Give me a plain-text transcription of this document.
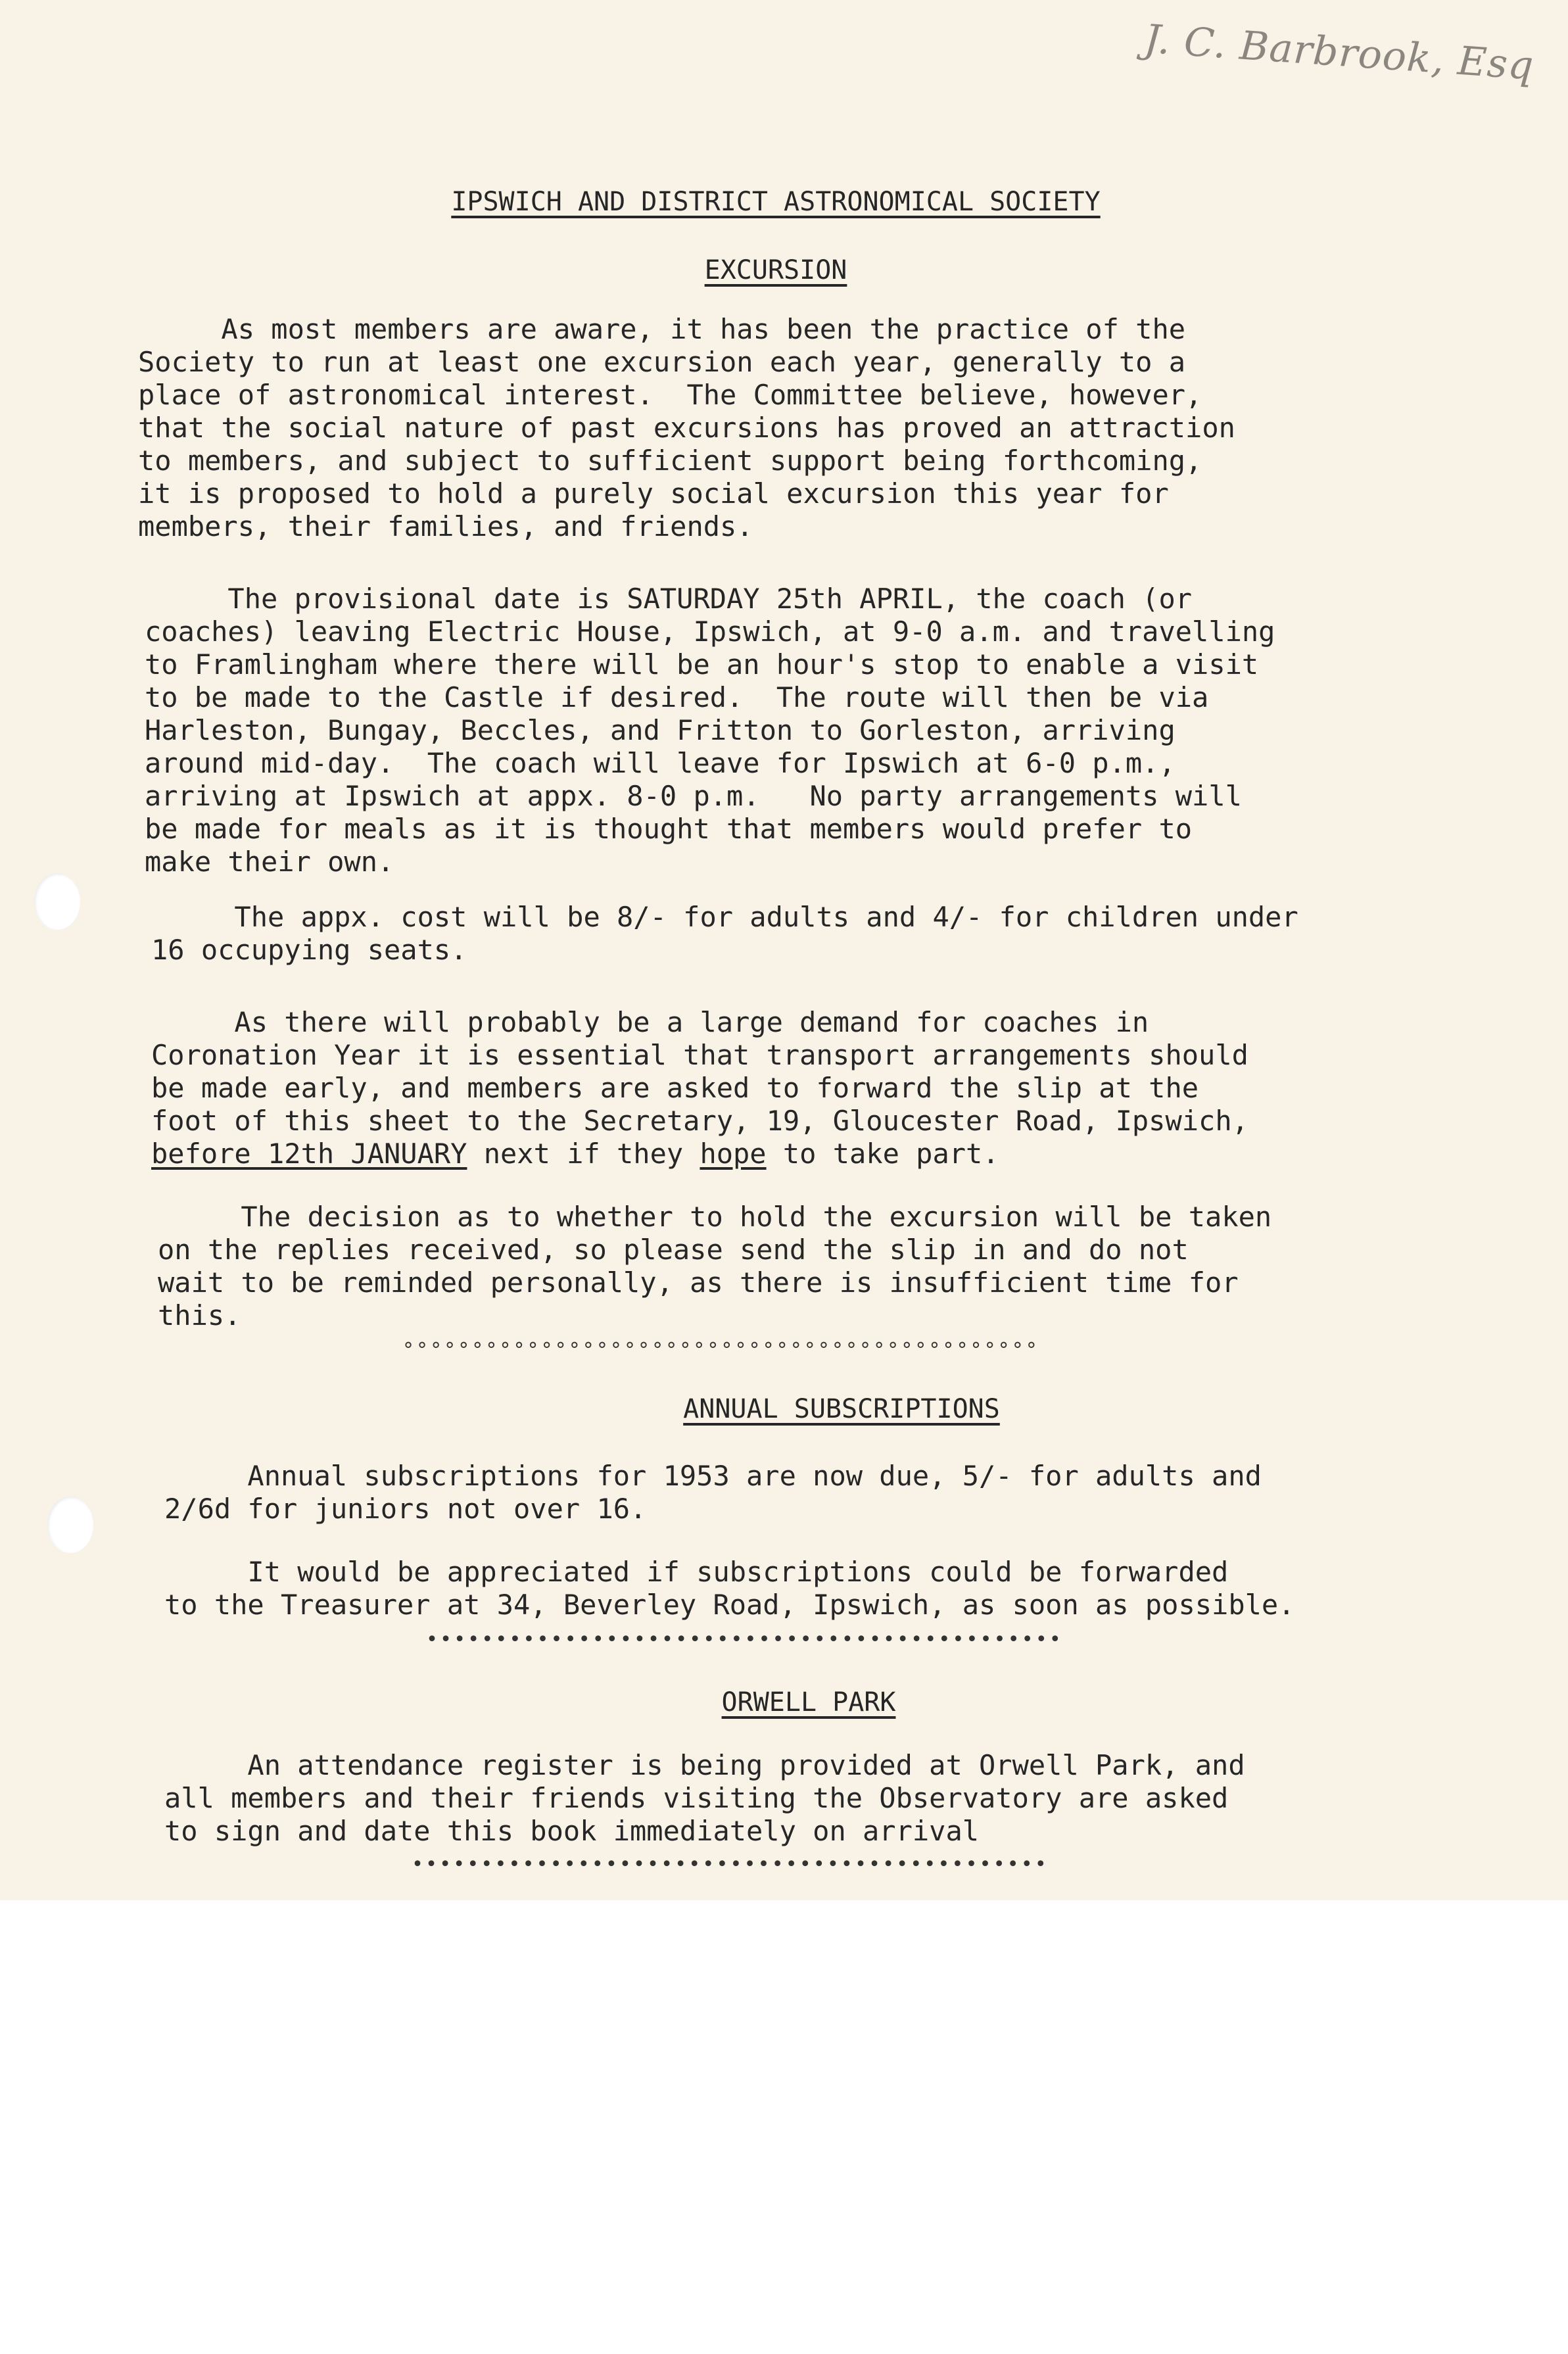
J. C. Barbrook, Esq
IPSWICH AND DISTRICT ASTRONOMICAL SOCIETY
EXCURSION
As most members are aware, it has been the practice of the
Society to run at least one excursion each year, generally to a
place of astronomical interest.  The Committee believe, however,
that the social nature of past excursions has proved an attraction
to members, and subject to sufficient support being forthcoming,
it is proposed to hold a purely social excursion this year for
members, their families, and friends.
The provisional date is SATURDAY 25th APRIL, the coach (or
coaches) leaving Electric House, Ipswich, at 9-0 a.m. and travelling
to Framlingham where there will be an hour's stop to enable a visit
to be made to the Castle if desired.  The route will then be via
Harleston, Bungay, Beccles, and Fritton to Gorleston, arriving
around mid-day.  The coach will leave for Ipswich at 6-0 p.m.,
arriving at Ipswich at appx. 8-0 p.m.   No party arrangements will
be made for meals as it is thought that members would prefer to
make their own.
The appx. cost will be 8/- for adults and 4/- for children under
16 occupying seats.
As there will probably be a large demand for coaches in
Coronation Year it is essential that transport arrangements should
be made early, and members are asked to forward the slip at the
foot of this sheet to the Secretary, 19, Gloucester Road, Ipswich,
before 12th JANUARY next if they hope to take part.
The decision as to whether to hold the excursion will be taken
on the replies received, so please send the slip in and do not
wait to be reminded personally, as there is insufficient time for
this.
°°°°°°°°°°°°°°°°°°°°°°°°°°°°°°°°°°°°°°°°°°°°°°
ANNUAL SUBSCRIPTIONS
Annual subscriptions for 1953 are now due, 5/- for adults and
2/6d for juniors not over 16.
It would be appreciated if subscriptions could be forwarded
to the Treasurer at 34, Beverley Road, Ipswich, as soon as possible.
••••••••••••••••••••••••••••••••••••••••••••••
ORWELL PARK
An attendance register is being provided at Orwell Park, and
all members and their friends visiting the Observatory are asked
to sign and date this book immediately on arrival
••••••••••••••••••••••••••••••••••••••••••••••
